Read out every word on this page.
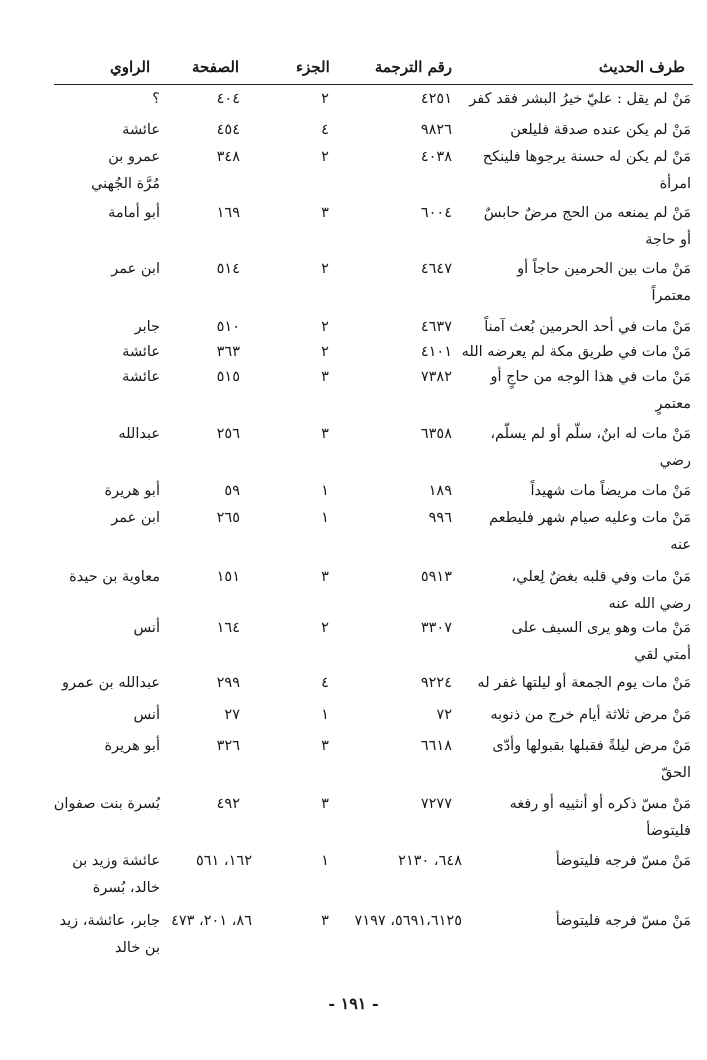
طرف الحديث
رقم الترجمة
الجزء
الصفحة
الراوي
مَنْ لم يقل : عليّ خيرُ البشر فقد كفر
٤٢٥١
٢
٤٠٤
؟
مَنْ لم يكن عنده صدقة فليلعن
٩٨٢٦
٤
٤٥٤
عائشة
مَنْ لم يكن له حسنة يرجوها فلينكح امرأة
٤٠٣٨
٢
٣٤٨
عمرو بن مُرَّة الجُهني
مَنْ لم يمنعه من الحج مرضٌ حابسٌ أو حاجة
٦٠٠٤
٣
١٦٩
أبو أمامة
مَنْ مات بين الحرمين حاجاً أو معتمراً
٤٦٤٧
٢
٥١٤
ابن عمر
مَنْ مات في أحد الحرمين بُعث آمناً
٤٦٣٧
٢
٥١٠
جابر
مَنْ مات في طريق مكة لم يعرضه الله
٤١٠١
٢
٣٦٣
عائشة
مَنْ مات في هذا الوجه من حاجٍ أو معتمرٍ
٧٣٨٢
٣
٥١٥
عائشة
مَنْ مات له ابنٌ، سلّم أو لم يسلّم، رضي
٦٣٥٨
٣
٢٥٦
عبدالله
مَنْ مات مريضاً مات شهيداً
١٨٩
١
٥٩
أبو هريرة
مَنْ مات وعليه صيام شهر فليطعم عنه
٩٩٦
١
٢٦٥
ابن عمر
مَنْ مات وفي قلبه بغضٌ لِعلي، رضي الله عنه
٥٩١٣
٣
١٥١
معاوية بن حيدة
مَنْ مات وهو يرى السيف على أمتي لقي
٣٣٠٧
٢
١٦٤
أنس
مَنْ مات يوم الجمعة أو ليلتها غفر له
٩٢٢٤
٤
٢٩٩
عبدالله بن عمرو
مَنْ مرض ثلاثة أيام خرج من ذنوبه
٧٢
١
٢٧
أنس
مَنْ مرض ليلةً فقبلها بقبولها وأدّى الحقّ
٦٦١٨
٣
٣٢٦
أبو هريرة
مَنْ مسّ ذكره أو أنثييه أو رفغه فليتوضأ
٧٢٧٧
٣
٤٩٢
بُسرة بنت صفوان
مَنْ مسّ فرجه فليتوضأ
٦٤٨، ٢١٣٠
١
١٦٢، ٥٦١
عائشة وزيد بن خالد، بُسرة
مَنْ مسّ فرجه فليتوضأ
٥٦٩١،٦١٢٥، ٧١٩٧
٣
٨٦، ٢٠١، ٤٧٣
جابر، عائشة، زيد بن خالد
- ١٩١ -
